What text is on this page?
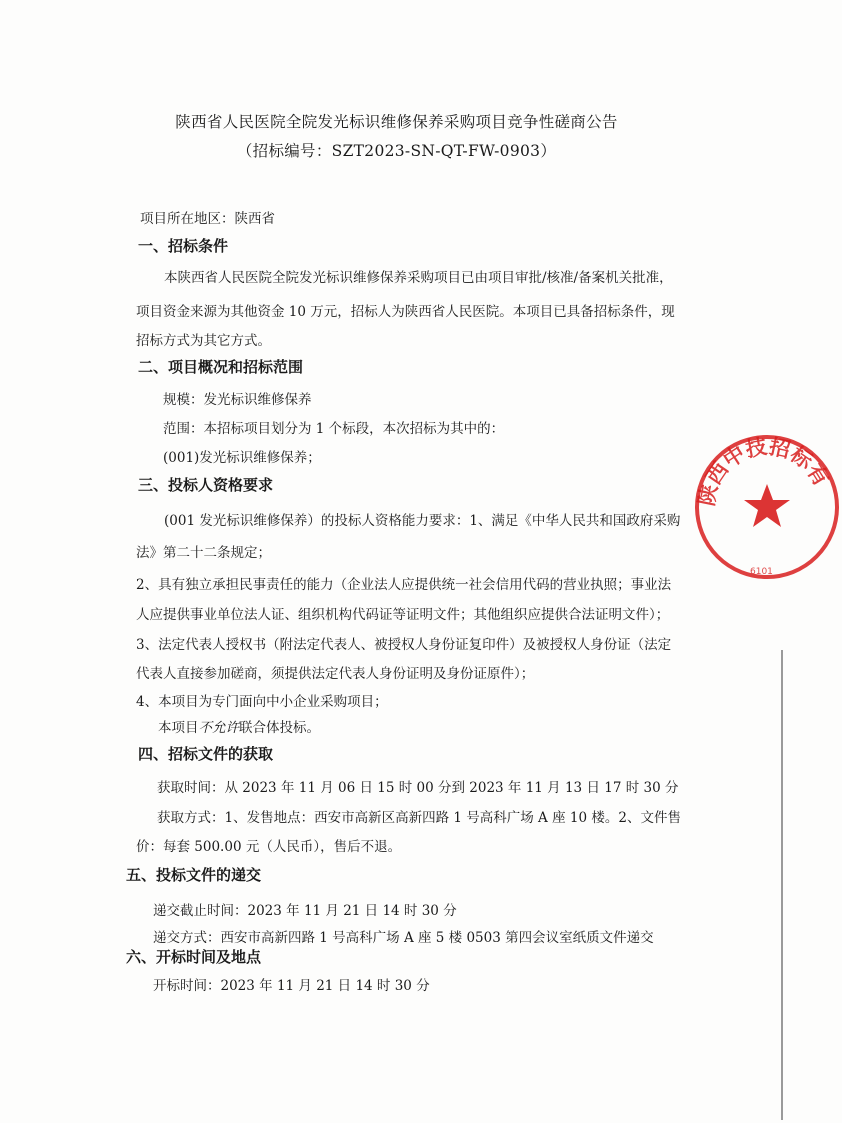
陕西省人民医院全院发光标识维修保养采购项目竞争性磋商公告
（招标编号：SZT2023-SN-QT-FW-0903）
项目所在地区：陕西省
一、招标条件
本陕西省人民医院全院发光标识维修保养采购项目已由项目审批/核准/备案机关批准，
项目资金来源为其他资金 10 万元，招标人为陕西省人民医院。本项目已具备招标条件，现
招标方式为其它方式。
二、项目概况和招标范围
规模：发光标识维修保养
范围：本招标项目划分为 1 个标段，本次招标为其中的：
(001)发光标识维修保养；
三、投标人资格要求
(001 发光标识维修保养）的投标人资格能力要求：1、满足《中华人民共和国政府采购
法》第二十二条规定；
2、具有独立承担民事责任的能力（企业法人应提供统一社会信用代码的营业执照；事业法
人应提供事业单位法人证、组织机构代码证等证明文件；其他组织应提供合法证明文件）；
3、法定代表人授权书（附法定代表人、被授权人身份证复印件）及被授权人身份证（法定
代表人直接参加磋商，须提供法定代表人身份证明及身份证原件）；
4、本项目为专门面向中小企业采购项目；
本项目不允许联合体投标。
四、招标文件的获取
获取时间：从 2023 年 11 月 06 日 15 时 00 分到 2023 年 11 月 13 日 17 时 30 分
获取方式：1、发售地点：西安市高新区高新四路 1 号高科广场 A 座 10 楼。2、文件售
价：每套 500.00 元（人民币），售后不退。
五、投标文件的递交
递交截止时间：2023 年 11 月 21 日 14 时 30 分
递交方式：西安市高新四路 1 号高科广场 A 座 5 楼 0503 第四会议室纸质文件递交
六、开标时间及地点
开标时间：2023 年 11 月 21 日 14 时 30 分
陕西中技招标有
6101
